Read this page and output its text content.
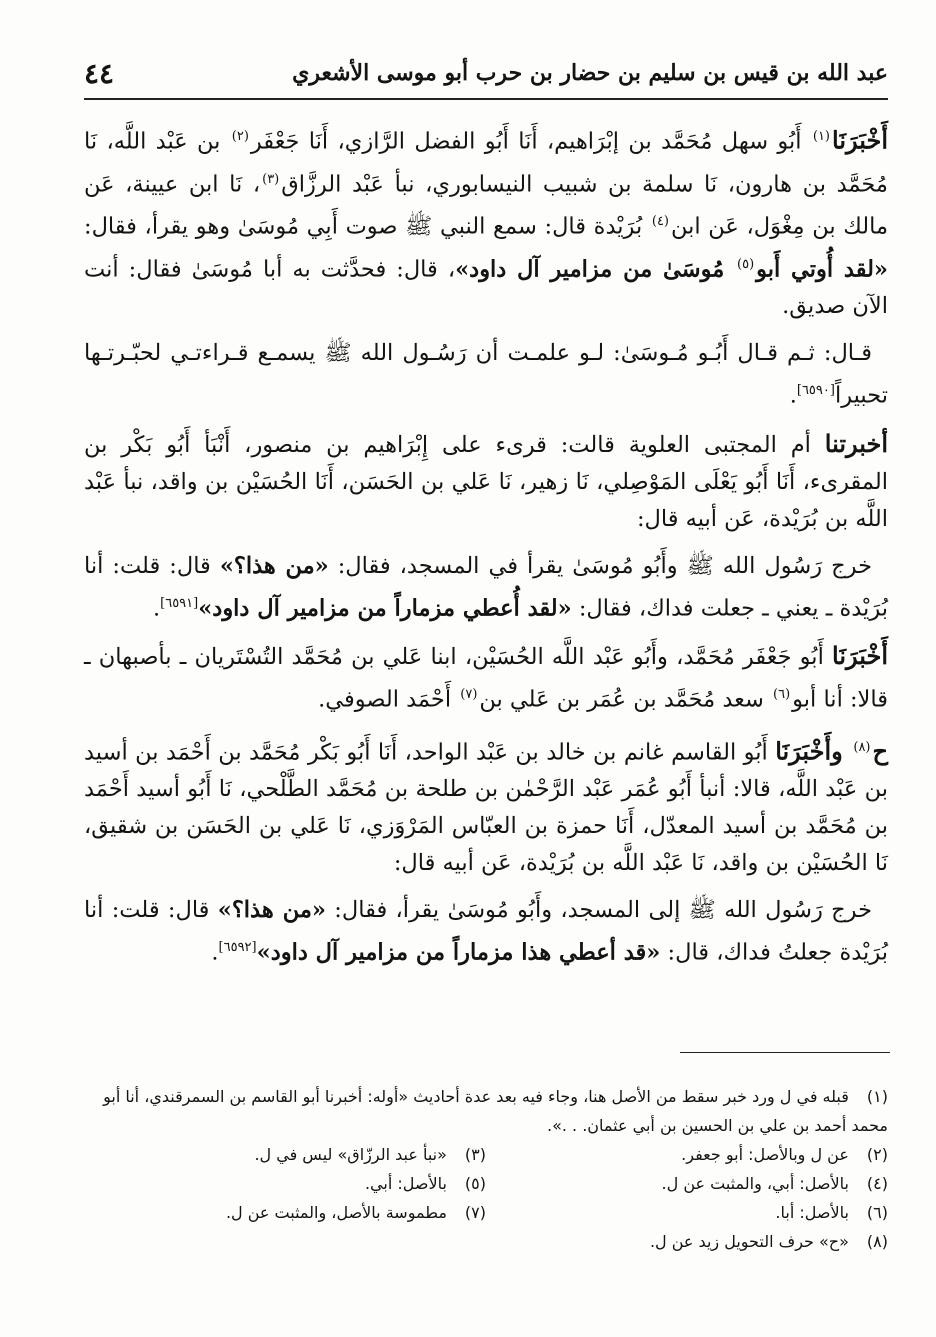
٤٤	عبد الله بن قيس بن سليم بن حضار بن حرب أبو موسى الأشعري

أَخْبَرَنَا$^{(١)}$ أَبُو سهل مُحَمَّد بن إبْرَاهيم، أَنَا أَبُو الفضل الرَّازي، أَنَا جَعْفَر$^{(٢)}$ بن عَبْد اللَّه، نَا مُحَمَّد بن هارون، نَا سلمة بن شبيب النيسابوري، نبأ عَبْد الرزَّاق$^{(٣)}$، نَا ابن عيينة، عَن مالك بن مِغْوَل، عَن ابن$^{(٤)}$ بُرَيْدة قال: سمع النبي ﷺ صوت أَبِي مُوسَىٰ وهو يقرأ، فقال: «لقد أُوتي أَبو$^{(٥)}$ مُوسَىٰ من مزامير آل داود»، قال: فحدَّثت به أبا مُوسَىٰ فقال: أنت الآن صديق.

قـال: ثـم قـال أَبُـو مُـوسَىٰ: لـو علمـت أن رَسُـول الله ﷺ يسمـع قـراءتـي لحبّـرتـها تحبيراً[٦٥٩٠].

أخبرتنا أم المجتبى العلوية قالت: قرىء على إِبْرَاهيم بن منصور، أَنْبَأ أَبُو بَكْر بن المقرىء، أَنَا أَبُو يَعْلَى المَوْصِلي، نَا زهير، نَا عَلي بن الحَسَن، أَنَا الحُسَيْن بن واقد، نبأ عَبْد اللَّه بن بُرَيْدة، عَن أبيه قال:

خرج رَسُول الله ﷺ وأَبُو مُوسَىٰ يقرأ في المسجد، فقال: «من هذا؟» قال: قلت: أنا بُرَيْدة ـ يعني ـ جعلت فداك، فقال: «لقد أُعطي مزماراً من مزامير آل داود»[٦٥٩١].

أَخْبَرَنَا أَبُو جَعْفَر مُحَمَّد، وأَبُو عَبْد اللَّه الحُسَيْن، ابنا عَلي بن مُحَمَّد التُسْتَريان ـ بأصبهان ـ قالا: أنا أبو$^{(٦)}$ سعد مُحَمَّد بن عُمَر بن عَلي بن$^{(٧)}$ أَحْمَد الصوفي.

ح$^{(٨)}$ وأَخْبَرَنَا أَبُو القاسم غانم بن خالد بن عَبْد الواحد، أَنَا أَبُو بَكْر مُحَمَّد بن أَحْمَد بن أسيد بن عَبْد اللَّه، قالا: أنبأ أَبُو عُمَر عَبْد الرَّحْمٰن بن طلحة بن مُحَمَّد الطَّلْحي، نَا أَبُو أسيد أَحْمَد بن مُحَمَّد بن أسيد المعدّل، أَنَا حمزة بن العبّاس المَرْوَزي، نَا عَلي بن الحَسَن بن شقيق، نَا الحُسَيْن بن واقد، نَا عَبْد اللَّه بن بُرَيْدة، عَن أبيه قال:

خرج رَسُول الله ﷺ إلى المسجد، وأَبُو مُوسَىٰ يقرأ، فقال: «من هذا؟» قال: قلت: أنا بُرَيْدة جعلتُ فداك، قال: «قد أعطي هذا مزماراً من مزامير آل داود»[٦٥٩٢].

(١) قبله في ل ورد خبر سقط من الأصل هنا، وجاء فيه بعد عدة أحاديث «أوله: أخبرنا أبو القاسم بن السمرقندي، أنا أبو محمد أحمد بن علي بن الحسين بن أبي عثمان. . .».
(٢) عن ل وبالأصل: أبو جعفر.
(٣) «نبأ عبد الرزّاق» ليس في ل.
(٤) بالأصل: أبي، والمثبت عن ل.
(٥) بالأصل: أبي.
(٦) بالأصل: أبا.
(٧) مطموسة بالأصل، والمثبت عن ل.
(٨) «ح» حرف التحويل زيد عن ل.
